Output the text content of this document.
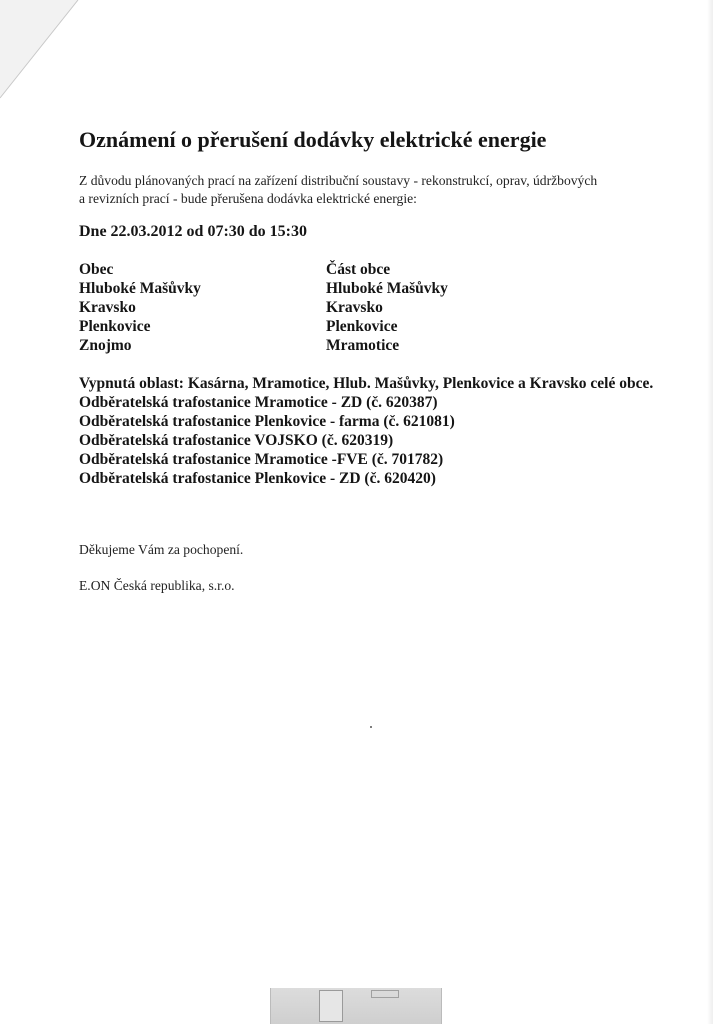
Oznámení o přerušení dodávky elektrické energie
Z důvodu plánovaných prací na zařízení distribuční soustavy - rekonstrukcí, oprav, údržbových
a revizních prací - bude přerušena dodávka elektrické energie:
Dne 22.03.2012 od 07:30 do 15:30
Obec
Hluboké Mašůvky
Kravsko
Plenkovice
Znojmo
Část obce
Hluboké Mašůvky
Kravsko
Plenkovice
Mramotice
Vypnutá oblast: Kasárna, Mramotice, Hlub. Mašůvky, Plenkovice a Kravsko celé obce.
Odběratelská trafostanice Mramotice - ZD (č. 620387)
Odběratelská trafostanice Plenkovice - farma (č. 621081)
Odběratelská trafostanice VOJSKO (č. 620319)
Odběratelská trafostanice Mramotice -FVE (č. 701782)
Odběratelská trafostanice Plenkovice - ZD (č. 620420)
Děkujeme Vám za pochopení.
E.ON Česká republika, s.r.o.
